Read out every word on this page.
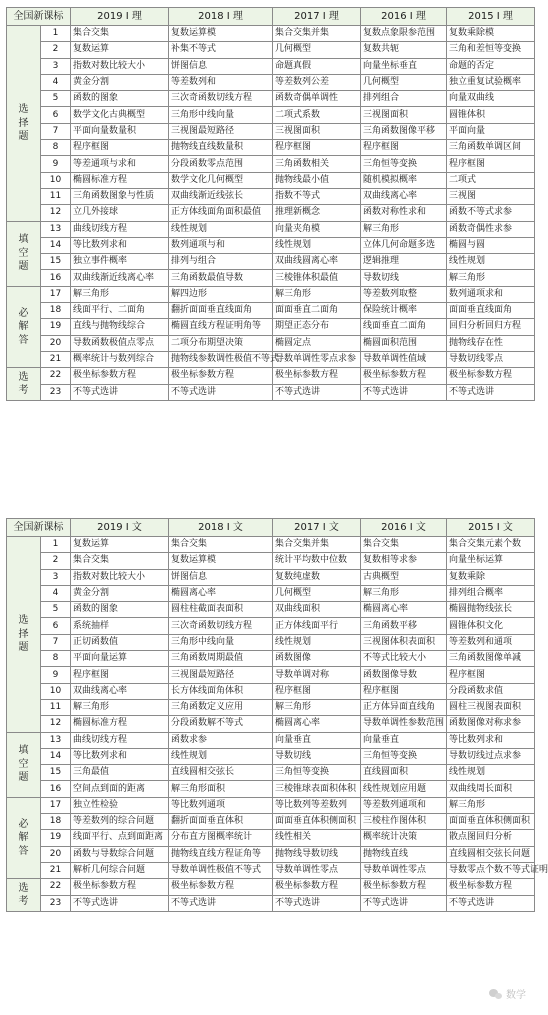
全国新课标		2019 I 理	2018 I 理	2017 I 理	2016 I 理	2015 I 理
选
择
题	1	集合交集	复数运算模	集合交集并集	复数点象限参范围	复数乘除模
	2	复数运算	补集不等式	几何概型	复数共轭	三角和差恒等变换
	3	指数对数比较大小	饼图信息	命题真假	向量坐标垂直	命题的否定
	4	黄金分割	等差数列和	等差数列公差	几何概型	独立重复试验概率
	5	函数的图象	三次奇函数切线方程	函数奇偶单调性	排列组合	向量双曲线
	6	数学文化古典概型	三角形中线向量	二项式系数	三视图面积	圆锥体积
	7	平面向量数量积	三视图最短路径	三视图面积	三角函数图像平移	平面向量
	8	程序框图	抛物线直线数量积	程序框图	程序框图	三角函数单调区间
	9	等差通项与求和	分段函数零点范围	三角函数相关	三角恒等变换	程序框图
	10	椭圆标准方程	数学文化几何概型	抛物线最小值	随机模拟概率	二项式
	11	三角函数图象与性质	双曲线渐近线弦长	指数不等式	双曲线离心率	三视图
	12	立几外接球	正方体线面角面积最值	推理新概念	函数对称性求和	函数不等式求参
填
空
题	13	曲线切线方程	线性规划	向量夹角模	解三角形	函数奇偶性求参
	14	等比数列求和	数列通项与和	线性规划	立体几何命题多选	椭圆与圆
	15	独立事件概率	排列与组合	双曲线圆离心率	逻辑推理	线性规划
	16	双曲线渐近线离心率	三角函数最值导数	三棱锥体积最值	导数切线	解三角形
必
解
答	17	解三角形	解四边形	解三角形	等差数列取整	数列通项求和
	18	线面平行、二面角	翻折面面垂直线面角	面面垂直二面角	保险统计概率	面面垂直线面角
	19	直线与抛物线综合	椭圆直线方程证明角等	期望正态分布	线面垂直二面角	回归分析回归方程
	20	导数函数极值点零点	二项分布期望决策	椭圆定点	椭圆面积范围	抛物线存在性
	21	概率统计与数列综合	抛物线参数调性极值不等式	导数单调性零点求参	导数单调性值域	导数切线零点
选
考	22	极坐标参数方程	极坐标参数方程	极坐标参数方程	极坐标参数方程	极坐标参数方程
	23	不等式选讲	不等式选讲	不等式选讲	不等式选讲	不等式选讲
全国新课标		2019 I 文	2018 I 文	2017 I 文	2016 I 文	2015 I 文
选
择
题	1	复数运算	集合交集	集合交集并集	集合交集	集合交集元素个数
	2	集合交集	复数运算模	统计平均数中位数	复数相等求参	向量坐标运算
	3	指数对数比较大小	饼图信息	复数纯虚数	古典概型	复数乘除
	4	黄金分割	椭圆离心率	几何概型	解三角形	排列组合概率
	5	函数的图象	圆柱柱截面表面积	双曲线面积	椭圆离心率	椭圆抛物线弦长
	6	系统抽样	三次奇函数切线方程	正方体线面平行	三角函数平移	圆锥体积文化
	7	正切函数值	三角形中线向量	线性规划	三视图体积表面积	等差数列和通项
	8	平面向量运算	三角函数周期最值	函数图像	不等式比较大小	三角函数图像单减
	9	程序框图	三视图最短路径	导数单调对称	函数图像导数	程序框图
	10	双曲线离心率	长方体线面角体积	程序框图	程序框图	分段函数求值
	11	解三角形	三角函数定义应用	解三角形	正方体异面直线角	圆柱三视图表面积
	12	椭圆标准方程	分段函数解不等式	椭圆离心率	导数单调性参数范围	函数图像对称求参
填
空
题	13	曲线切线方程	函数求参	向量垂直	向量垂直	等比数列求和
	14	等比数列求和	线性规划	导数切线	三角恒等变换	导数切线过点求参
	15	三角最值	直线圆相交弦长	三角恒等变换	直线圆面积	线性规划
	16	空间点到面的距离	解三角形面积	三棱锥球表面积体积	线性规划应用题	双曲线周长面积
必
解
答	17	独立性检验	等比数列通项	等比数列等差数列	等差数列通项和	解三角形
	18	等差数列的综合问题	翻折面面垂直体积	面面垂直体积侧面积	三棱柱作图体积	面面垂直体积侧面积
	19	线面平行、点到面距离	分布直方图概率统计	线性相关	概率统计决策	散点图回归分析
	20	函数与导数综合问题	抛物线直线方程证角等	抛物线导数切线	抛物线直线	直线圆相交弦长问题
	21	解析几何综合问题	导数单调性极值不等式	导数单调性零点	导数单调性零点	导数零点个数不等式证明
选
考	22	极坐标参数方程	极坐标参数方程	极坐标参数方程	极坐标参数方程	极坐标参数方程
	23	不等式选讲	不等式选讲	不等式选讲	不等式选讲	不等式选讲
数学
